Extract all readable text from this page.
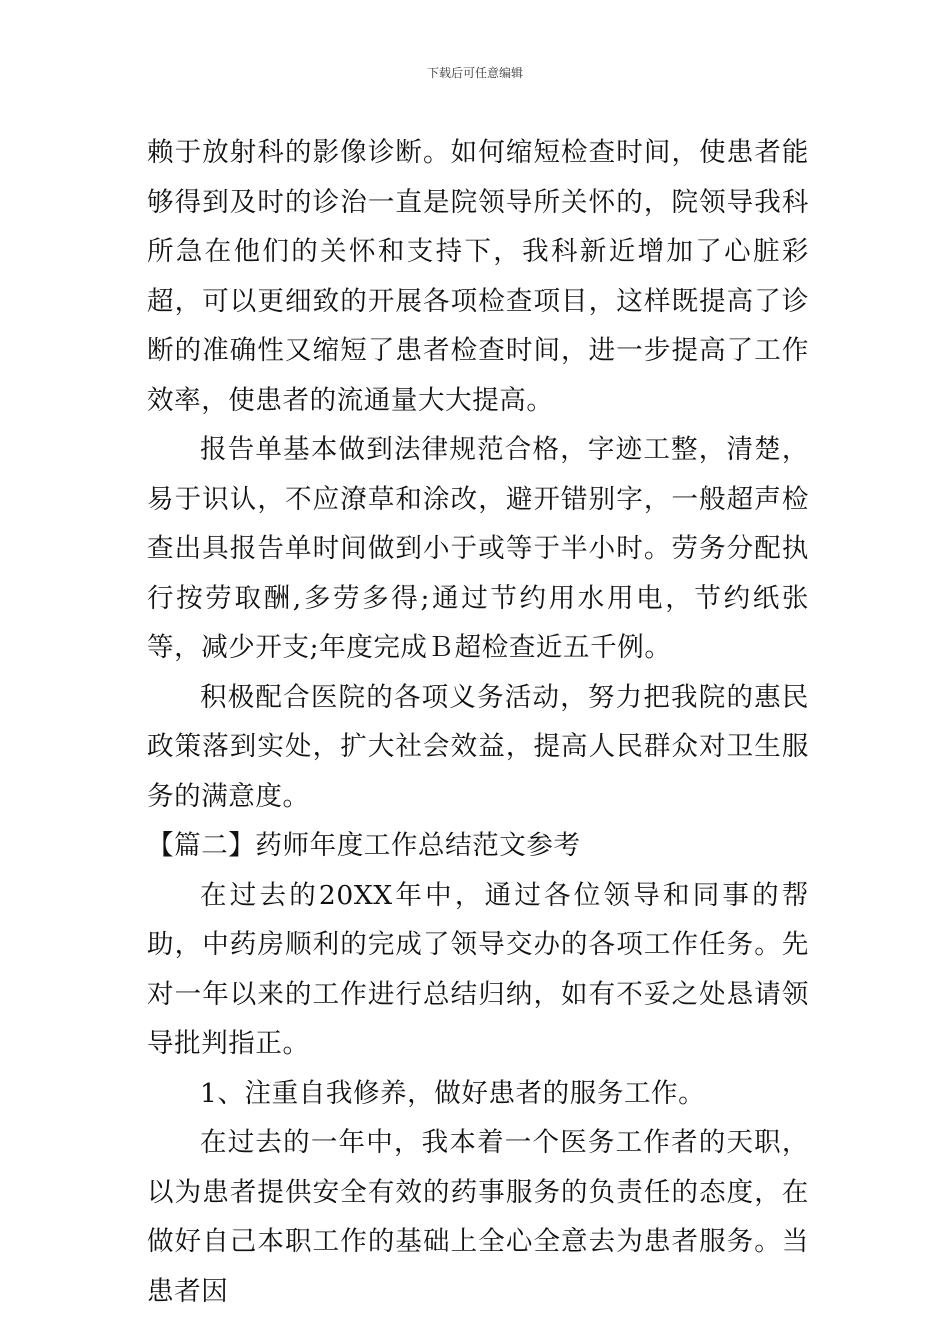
下载后可任意编辑

赖于放射科的影像诊断。如何缩短检查时间，使患者能够得到及时的诊治一直是院领导所关怀的，院领导我科所急在他们的关怀和支持下，我科新近增加了心脏彩超，可以更细致的开展各项检查项目，这样既提高了诊断的准确性又缩短了患者检查时间，进一步提高了工作效率，使患者的流通量大大提高。

报告单基本做到法律规范合格，字迹工整，清楚，易于识认，不应潦草和涂改，避开错别字，一般超声检查出具报告单时间做到小于或等于半小时。劳务分配执行按劳取酬,多劳多得;通过节约用水用电，节约纸张等，减少开支;年度完成Ｂ超检查近五千例。

积极配合医院的各项义务活动，努力把我院的惠民政策落到实处，扩大社会效益，提高人民群众对卫生服务的满意度。

【篇二】药师年度工作总结范文参考

在过去的20XX年中，通过各位领导和同事的帮助，中药房顺利的完成了领导交办的各项工作任务。先对一年以来的工作进行总结归纳，如有不妥之处恳请领导批判指正。

1、注重自我修养，做好患者的服务工作。

在过去的一年中，我本着一个医务工作者的天职，以为患者提供安全有效的药事服务的负责任的态度，在做好自己本职工作的基础上全心全意去为患者服务。当患者因
